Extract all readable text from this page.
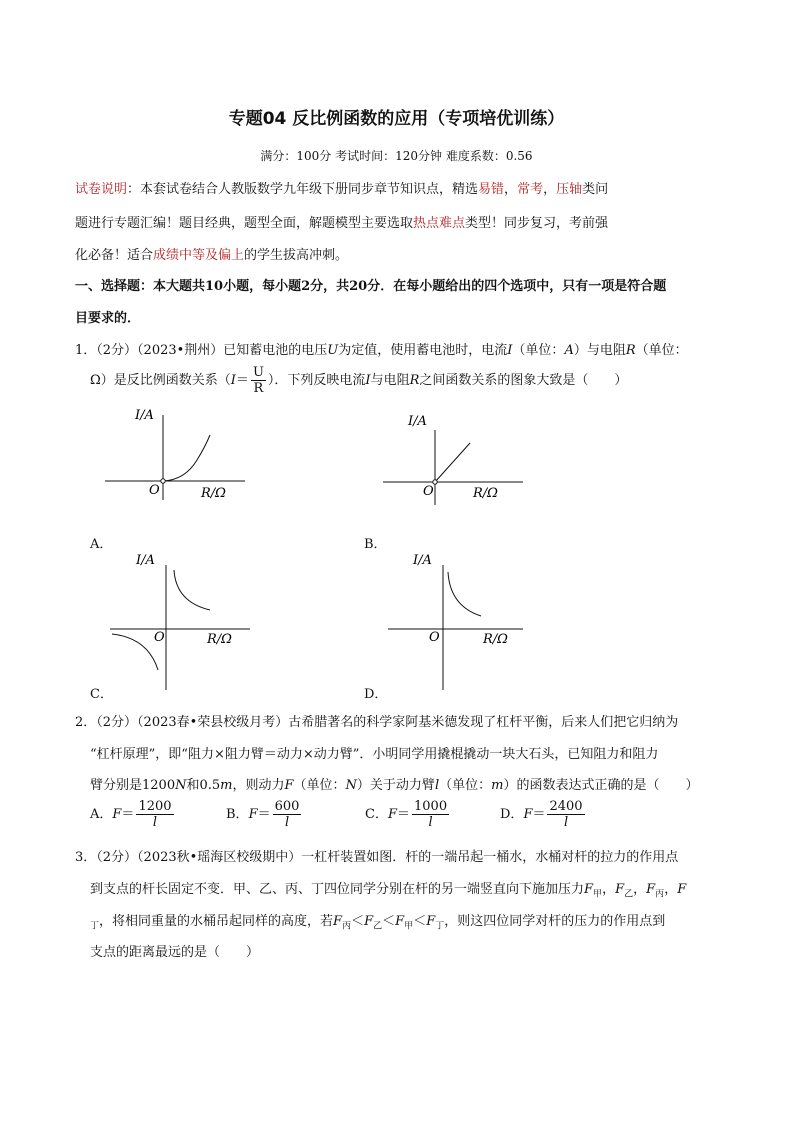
专题04 反比例函数的应用（专项培优训练）
满分：100分 考试时间：120分钟 难度系数：0.56
试卷说明：本套试卷结合人教版数学九年级下册同步章节知识点，精选易错，常考，压轴类问
题进行专题汇编！题目经典，题型全面，解题模型主要选取热点难点类型！同步复习，考前强
化必备！适合成绩中等及偏上的学生拔高冲刺。
一、选择题：本大题共10小题，每小题2分，共20分．在每小题给出的四个选项中，只有一项是符合题
目要求的．
1．（2分）（2023•荆州）已知蓄电池的电压U为定值，使用蓄电池时，电流I（单位：A）与电阻R（单位：
Ω）是反比例函数关系（$I= \frac{U}{R}$ ）．下列反映电流I与电阻R之间函数关系的图象大致是（　　）
I/A
O	R/Ω
A．
I/A
O	R/Ω
B．
I/A
O	R/Ω
C．
I/A
O	R/Ω
D．
2．（2分）（2023春•荣县校级月考）古希腊著名的科学家阿基米德发现了杠杆平衡，后来人们把它归纳为
“杠杆原理”，即“阻力×阻力臂＝动力×动力臂”．小明同学用撬棍撬动一块大石头，已知阻力和阻力
臂分别是1200N和0.5m，则动力F（单位：N）关于动力臂l（单位：m）的函数表达式正确的是（　　）
A．$F= \frac{1200}{l}$	B．$F= \frac{600}{l}$	C．$F= \frac{1000}{l}$	D．$F= \frac{2400}{l}$
3．（2分）（2023秋•瑶海区校级期中）一杠杆装置如图．杆的一端吊起一桶水，水桶对杆的拉力的作用点
到支点的杆长固定不变．甲、乙、丙、丁四位同学分别在杆的另一端竖直向下施加压力$F_甲$，$F_乙$，$F_丙$，F
$_丁$，将相同重量的水桶吊起同样的高度，若$F_丙<F_乙<F_甲<F_丁$，则这四位同学对杆的压力的作用点到
支点的距离最远的是（　　）
